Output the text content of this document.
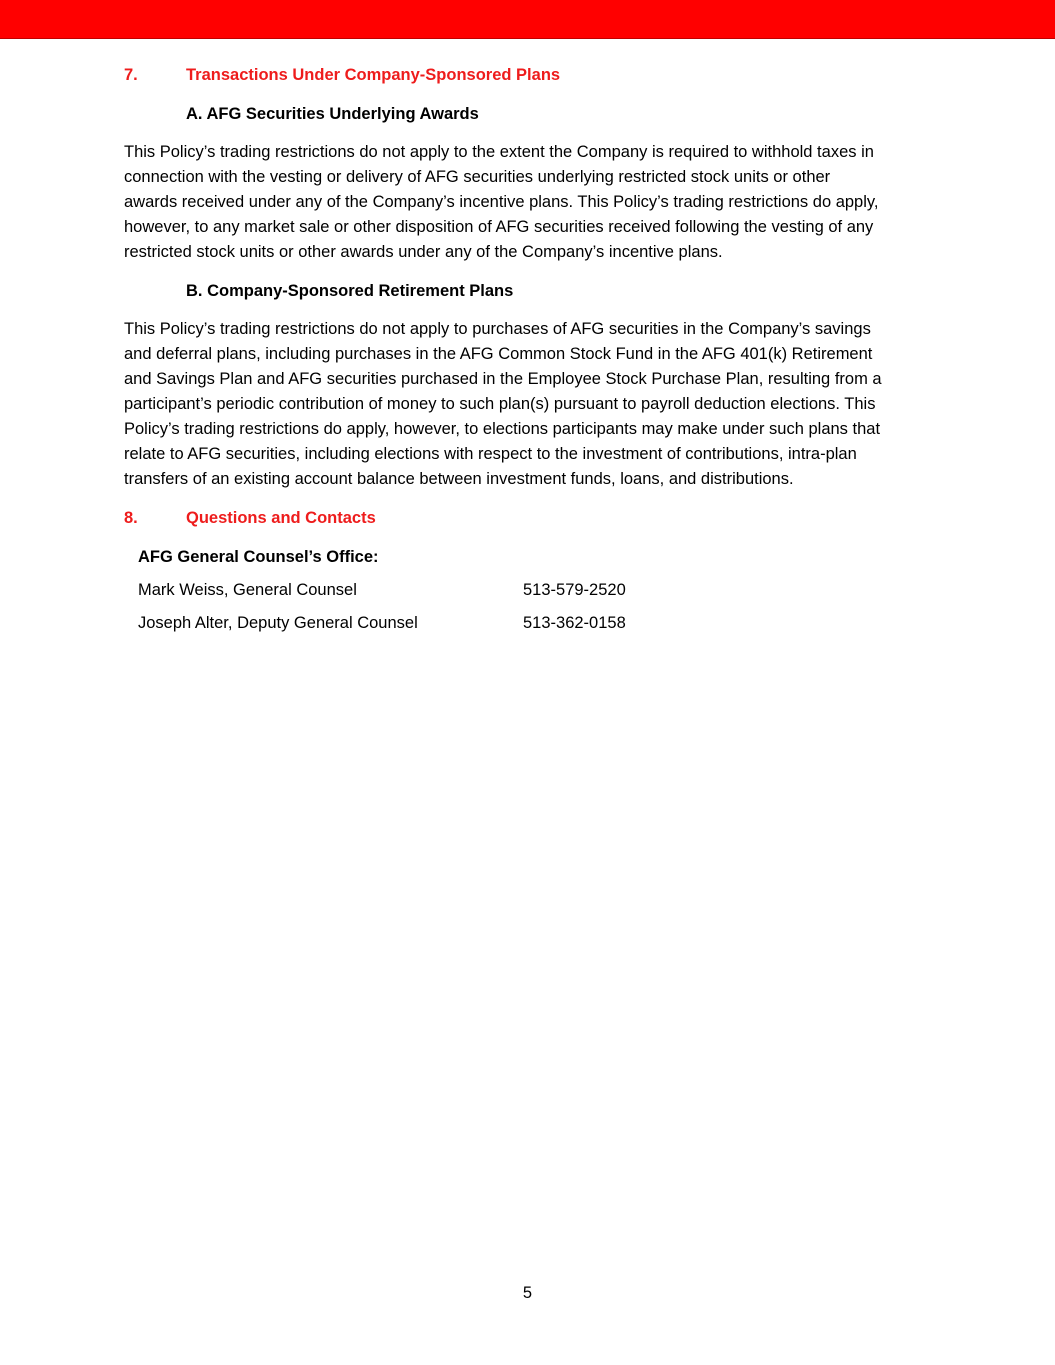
7.	Transactions Under Company-Sponsored Plans
A. AFG Securities Underlying Awards
This Policy’s trading restrictions do not apply to the extent the Company is required to withhold taxes in
connection with the vesting or delivery of AFG securities underlying restricted stock units or other
awards received under any of the Company’s incentive plans. This Policy’s trading restrictions do apply,
however, to any market sale or other disposition of AFG securities received following the vesting of any
restricted stock units or other awards under any of the Company’s incentive plans.
B. Company-Sponsored Retirement Plans
This Policy’s trading restrictions do not apply to purchases of AFG securities in the Company’s savings
and deferral plans, including purchases in the AFG Common Stock Fund in the AFG 401(k) Retirement
and Savings Plan and AFG securities purchased in the Employee Stock Purchase Plan, resulting from a
participant’s periodic contribution of money to such plan(s) pursuant to payroll deduction elections. This
Policy’s trading restrictions do apply, however, to elections participants may make under such plans that
relate to AFG securities, including elections with respect to the investment of contributions, intra-plan
transfers of an existing account balance between investment funds, loans, and distributions.
8.	Questions and Contacts
AFG General Counsel’s Office:
Mark Weiss, General Counsel	513-579-2520
Joseph Alter, Deputy General Counsel	513-362-0158
5
